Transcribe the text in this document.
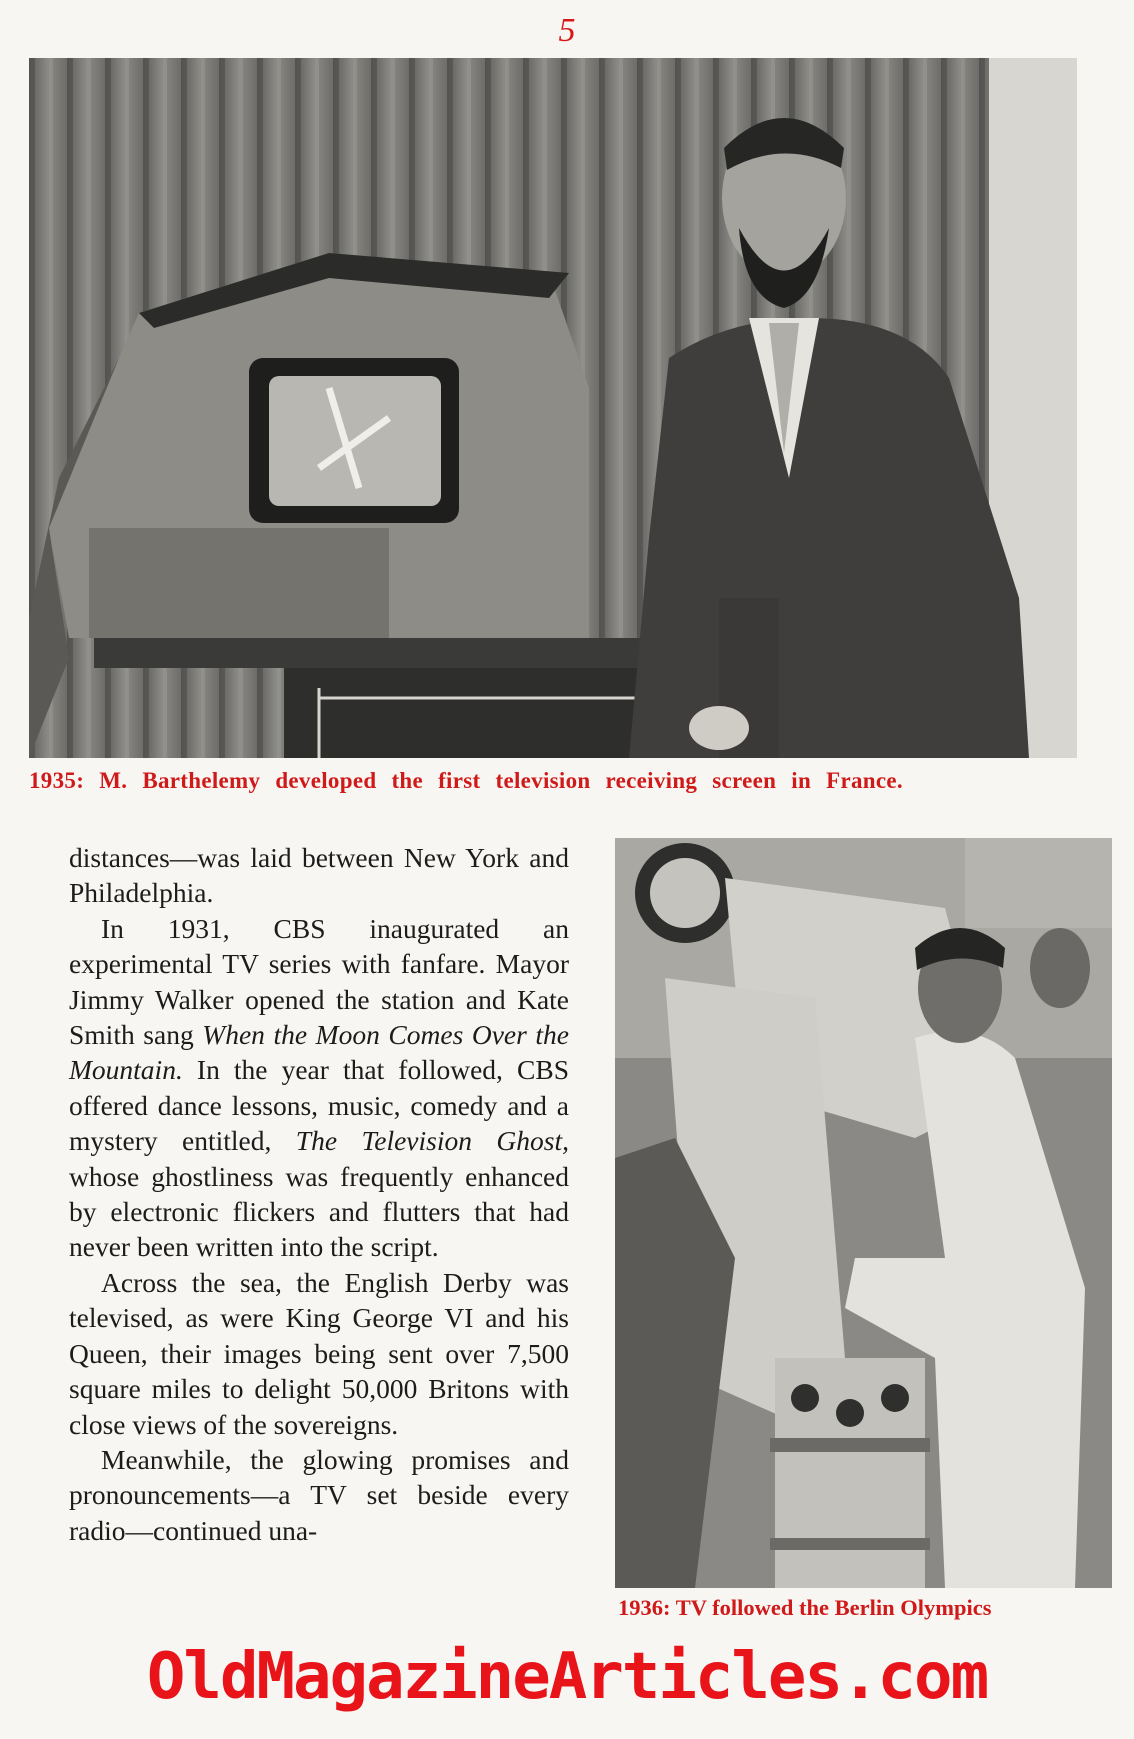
5
1935: M. Barthelemy developed the first television receiving screen in France.

distances—was laid between New York and Philadelphia.

In 1931, CBS inaugurated an experimental TV series with fanfare. Mayor Jimmy Walker opened the station and Kate Smith sang When the Moon Comes Over the Mountain. In the year that followed, CBS offered dance lessons, music, comedy and a mystery entitled, The Television Ghost, whose ghostliness was frequently enhanced by electronic flickers and flutters that had never been written into the script.

Across the sea, the English Derby was televised, as were King George VI and his Queen, their images being sent over 7,500 square miles to delight 50,000 Britons with close views of the sovereigns.

Meanwhile, the glowing promises and pronouncements—a TV set beside every radio—continued una-

1936: TV followed the Berlin Olympics
OldMagazineArticles.com
